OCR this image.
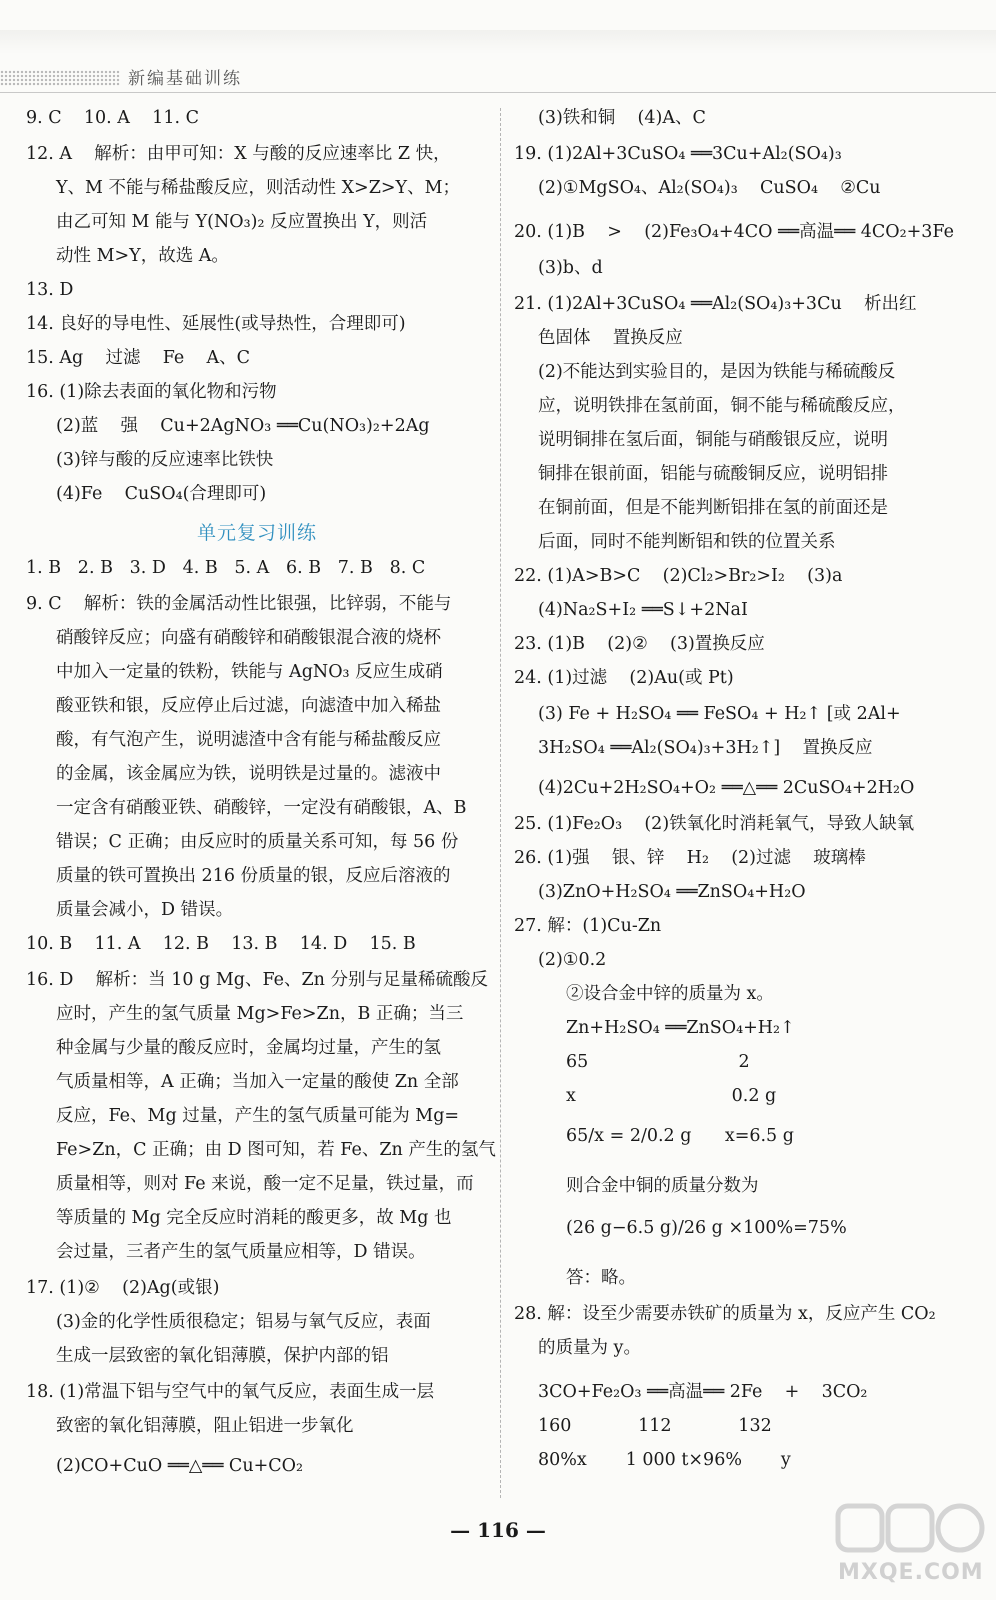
新编基础训练
9. C    10. A    11. C
12. A    解析：由甲可知：X 与酸的反应速率比 Z 快，
Y、M 不能与稀盐酸反应，则活动性 X>Z>Y、M；
由乙可知 M 能与 Y(NO₃)₂ 反应置换出 Y，则活
动性 M>Y，故选 A。
13. D
14. 良好的导电性、延展性(或导热性，合理即可)
15. Ag    过滤    Fe    A、C
16. (1)除去表面的氧化物和污物
(2)蓝    强    Cu+2AgNO₃ ══Cu(NO₃)₂+2Ag
(3)锌与酸的反应速率比铁快
(4)Fe    CuSO₄(合理即可)
单元复习训练
1. B   2. B   3. D   4. B   5. A   6. B   7. B   8. C
9. C    解析：铁的金属活动性比银强，比锌弱，不能与
硝酸锌反应；向盛有硝酸锌和硝酸银混合液的烧杯
中加入一定量的铁粉，铁能与 AgNO₃ 反应生成硝
酸亚铁和银，反应停止后过滤，向滤渣中加入稀盐
酸，有气泡产生，说明滤渣中含有能与稀盐酸反应
的金属，该金属应为铁，说明铁是过量的。滤液中
一定含有硝酸亚铁、硝酸锌，一定没有硝酸银，A、B
错误；C 正确；由反应时的质量关系可知，每 56 份
质量的铁可置换出 216 份质量的银，反应后溶液的
质量会减小，D 错误。
10. B    11. A    12. B    13. B    14. D    15. B
16. D    解析：当 10 g Mg、Fe、Zn 分别与足量稀硫酸反
应时，产生的氢气质量 Mg>Fe>Zn，B 正确；当三
种金属与少量的酸反应时，金属均过量，产生的氢
气质量相等，A 正确；当加入一定量的酸使 Zn 全部
反应，Fe、Mg 过量，产生的氢气质量可能为 Mg=
Fe>Zn，C 正确；由 D 图可知，若 Fe、Zn 产生的氢气
质量相等，则对 Fe 来说，酸一定不足量，铁过量，而
等质量的 Mg 完全反应时消耗的酸更多，故 Mg 也
会过量，三者产生的氢气质量应相等，D 错误。
17. (1)②    (2)Ag(或银)
(3)金的化学性质很稳定；铝易与氧气反应，表面
生成一层致密的氧化铝薄膜，保护内部的铝
18. (1)常温下铝与空气中的氧气反应，表面生成一层
致密的氧化铝薄膜，阻止铝进一步氧化
(2)CO+CuO ══△══ Cu+CO₂
(3)铁和铜    (4)A、C
19. (1)2Al+3CuSO₄ ══3Cu+Al₂(SO₄)₃
(2)①MgSO₄、Al₂(SO₄)₃    CuSO₄    ②Cu
20. (1)B    >    (2)Fe₃O₄+4CO ══高温══ 4CO₂+3Fe
(3)b、d
21. (1)2Al+3CuSO₄ ══Al₂(SO₄)₃+3Cu    析出红
色固体    置换反应
(2)不能达到实验目的，是因为铁能与稀硫酸反
应，说明铁排在氢前面，铜不能与稀硫酸反应，
说明铜排在氢后面，铜能与硝酸银反应，说明
铜排在银前面，铝能与硫酸铜反应，说明铝排
在铜前面，但是不能判断铝排在氢的前面还是
后面，同时不能判断铝和铁的位置关系
22. (1)A>B>C    (2)Cl₂>Br₂>I₂    (3)a
(4)Na₂S+I₂ ══S↓+2NaI
23. (1)B    (2)②    (3)置换反应
24. (1)过滤    (2)Au(或 Pt)
(3) Fe + H₂SO₄ ══ FeSO₄ + H₂↑ [或 2Al+
3H₂SO₄ ══Al₂(SO₄)₃+3H₂↑]    置换反应
(4)2Cu+2H₂SO₄+O₂ ══△══ 2CuSO₄+2H₂O
25. (1)Fe₂O₃    (2)铁氧化时消耗氧气，导致人缺氧
26. (1)强    银、锌    H₂    (2)过滤    玻璃棒
(3)ZnO+H₂SO₄ ══ZnSO₄+H₂O
27. 解：(1)Cu-Zn
(2)①0.2
②设合金中锌的质量为 x。
Zn+H₂SO₄ ══ZnSO₄+H₂↑
65                           2
x                            0.2 g
65/x = 2/0.2 g      x=6.5 g
则合金中铜的质量分数为
(26 g−6.5 g)/26 g ×100%=75%
答：略。
28. 解：设至少需要赤铁矿的质量为 x，反应产生 CO₂
的质量为 y。
3CO+Fe₂O₃ ══高温══ 2Fe    +    3CO₂
160            112            132
80%x       1 000 t×96%       y
— 116 —
MXQE.COM
